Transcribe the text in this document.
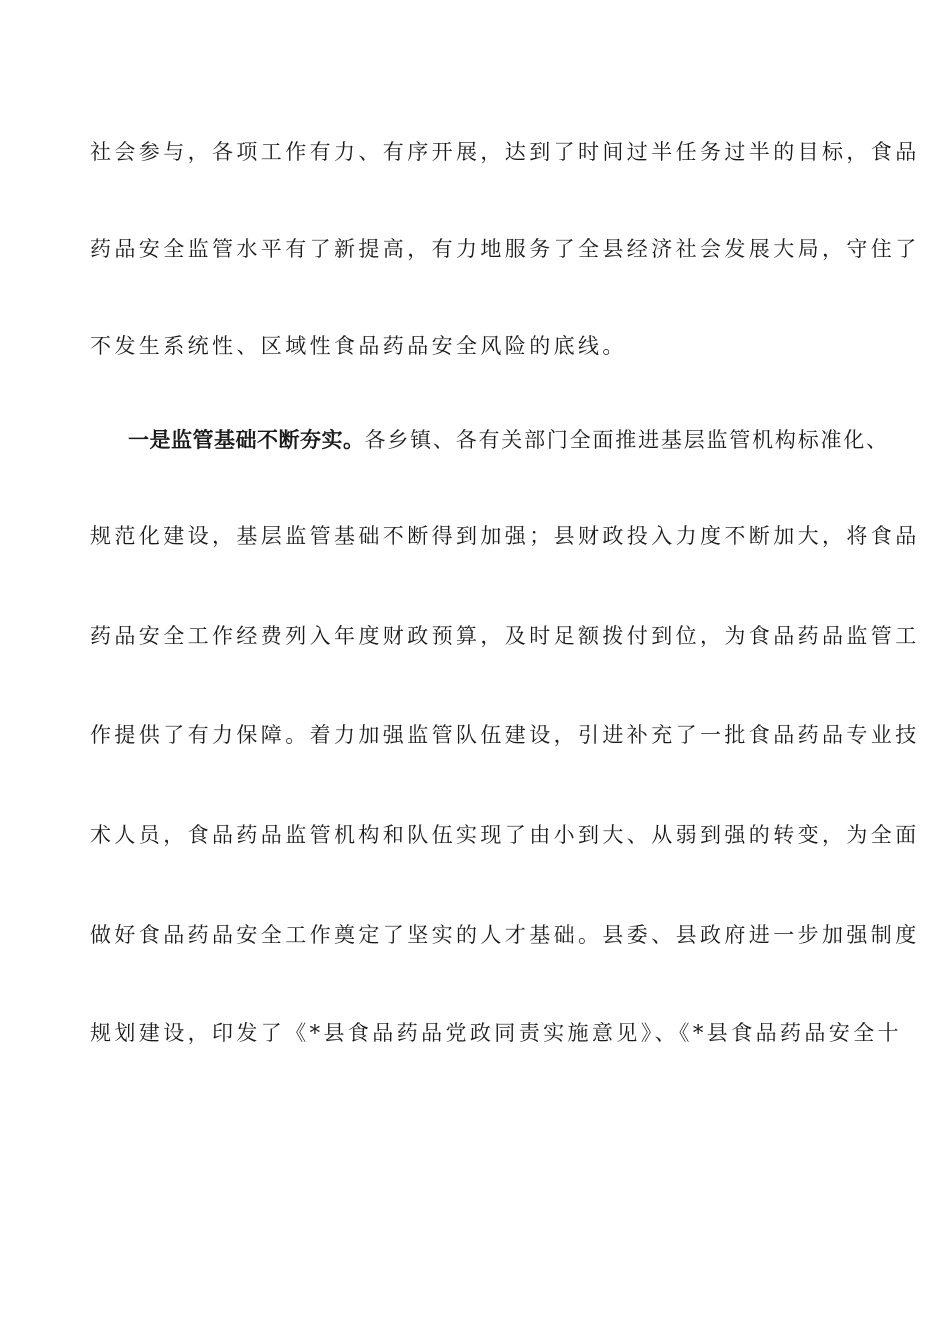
社会参与，各项工作有力、有序开展，达到了时间过半任务过半的目标，食品
药品安全监管水平有了新提高，有力地服务了全县经济社会发展大局，守住了
不发生系统性、区域性食品药品安全风险的底线。
一是监管基础不断夯实。各乡镇、各有关部门全面推进基层监管机构标准化、
规范化建设，基层监管基础不断得到加强；县财政投入力度不断加大，将食品
药品安全工作经费列入年度财政预算，及时足额拨付到位，为食品药品监管工
作提供了有力保障。着力加强监管队伍建设，引进补充了一批食品药品专业技
术人员，食品药品监管机构和队伍实现了由小到大、从弱到强的转变，为全面
做好食品药品安全工作奠定了坚实的人才基础。县委、县政府进一步加强制度
规划建设，印发了《*县食品药品党政同责实施意见》、《*县食品药品安全十
